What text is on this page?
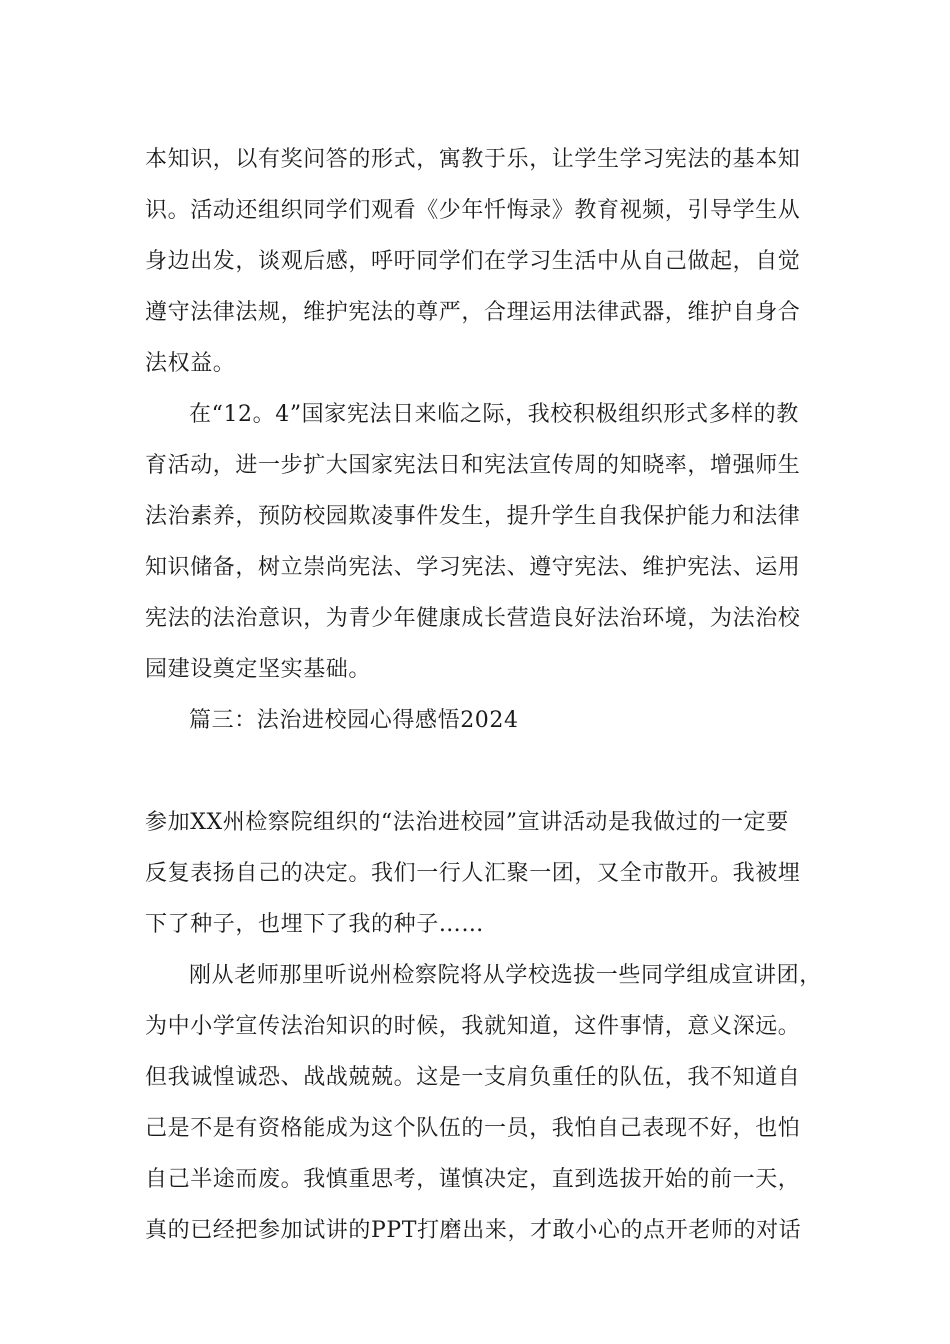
本知识，以有奖问答的形式，寓教于乐，让学生学习宪法的基本知
识。活动还组织同学们观看《少年忏悔录》教育视频，引导学生从
身边出发，谈观后感，呼吁同学们在学习生活中从自己做起，自觉
遵守法律法规，维护宪法的尊严，合理运用法律武器，维护自身合
法权益。
在“12。4”国家宪法日来临之际，我校积极组织形式多样的教
育活动，进一步扩大国家宪法日和宪法宣传周的知晓率，增强师生
法治素养，预防校园欺凌事件发生，提升学生自我保护能力和法律
知识储备，树立崇尚宪法、学习宪法、遵守宪法、维护宪法、运用
宪法的法治意识，为青少年健康成长营造良好法治环境，为法治校
园建设奠定坚实基础。
篇三：法治进校园心得感悟2024
参加XX州检察院组织的“法治进校园”宣讲活动是我做过的一定要
反复表扬自己的决定。我们一行人汇聚一团，又全市散开。我被埋
下了种子，也埋下了我的种子……
刚从老师那里听说州检察院将从学校选拔一些同学组成宣讲团，
为中小学宣传法治知识的时候，我就知道，这件事情，意义深远。
但我诚惶诚恐、战战兢兢。这是一支肩负重任的队伍，我不知道自
己是不是有资格能成为这个队伍的一员，我怕自己表现不好，也怕
自己半途而废。我慎重思考，谨慎决定，直到选拔开始的前一天，
真的已经把参加试讲的PPT打磨出来，才敢小心的点开老师的对话
